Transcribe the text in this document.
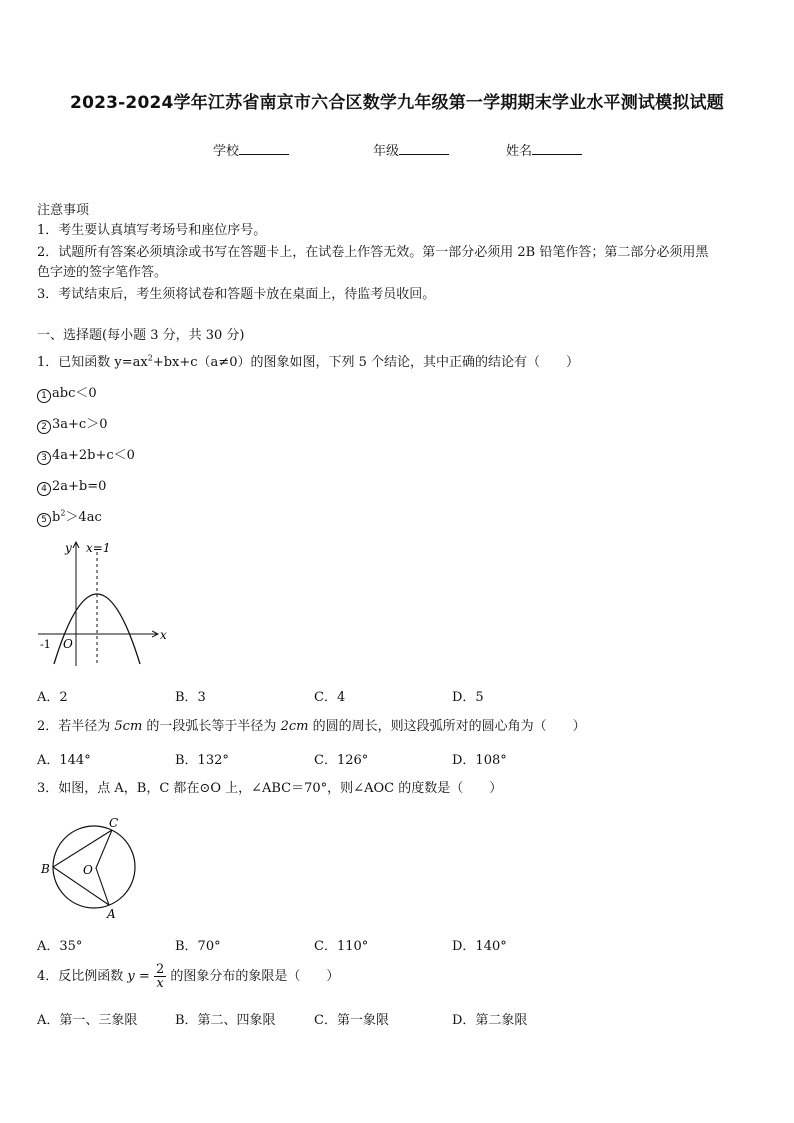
2023-2024学年江苏省南京市六合区数学九年级第一学期期末学业水平测试模拟试题
学校	年级	姓名
注意事项
1．考生要认真填写考场号和座位序号。
2．试题所有答案必须填涂或书写在答题卡上，在试卷上作答无效。第一部分必须用 2B 铅笔作答；第二部分必须用黑
色字迹的签字笔作答。
3．考试结束后，考生须将试卷和答题卡放在桌面上，待监考员收回。
一、选择题(每小题 3 分，共 30 分)
1．已知函数 $y=ax^2+bx+c(a\ne 0)$的图象如图，下列 5 个结论，其中正确的结论有（　　）
1 abc＜0
2 3a+c＞0
3 4a+2b+c＜0
4 2a+b=0
5 $b^2>4ac$
y
x
x=1
-1 O
A．2	B．3	C．4	D．5
2．若半径为 5cm 的一段弧长等于半径为 2cm 的圆的周长，则这段弧所对的圆心角为（　　）
A．144°	B．132°	C．126°	D．108°
3．如图，点 A，B，C 都在⊙O 上，∠ABC＝70°，则∠AOC 的度数是（　　）
C
B	O
A
A．35°	B．70°	C．110°	D．140°
4．反比例函数 $y = \frac{2}{x}$ 的图象分布的象限是（　　）
A．第一、三象限	B．第二、四象限	C．第一象限	D．第二象限
